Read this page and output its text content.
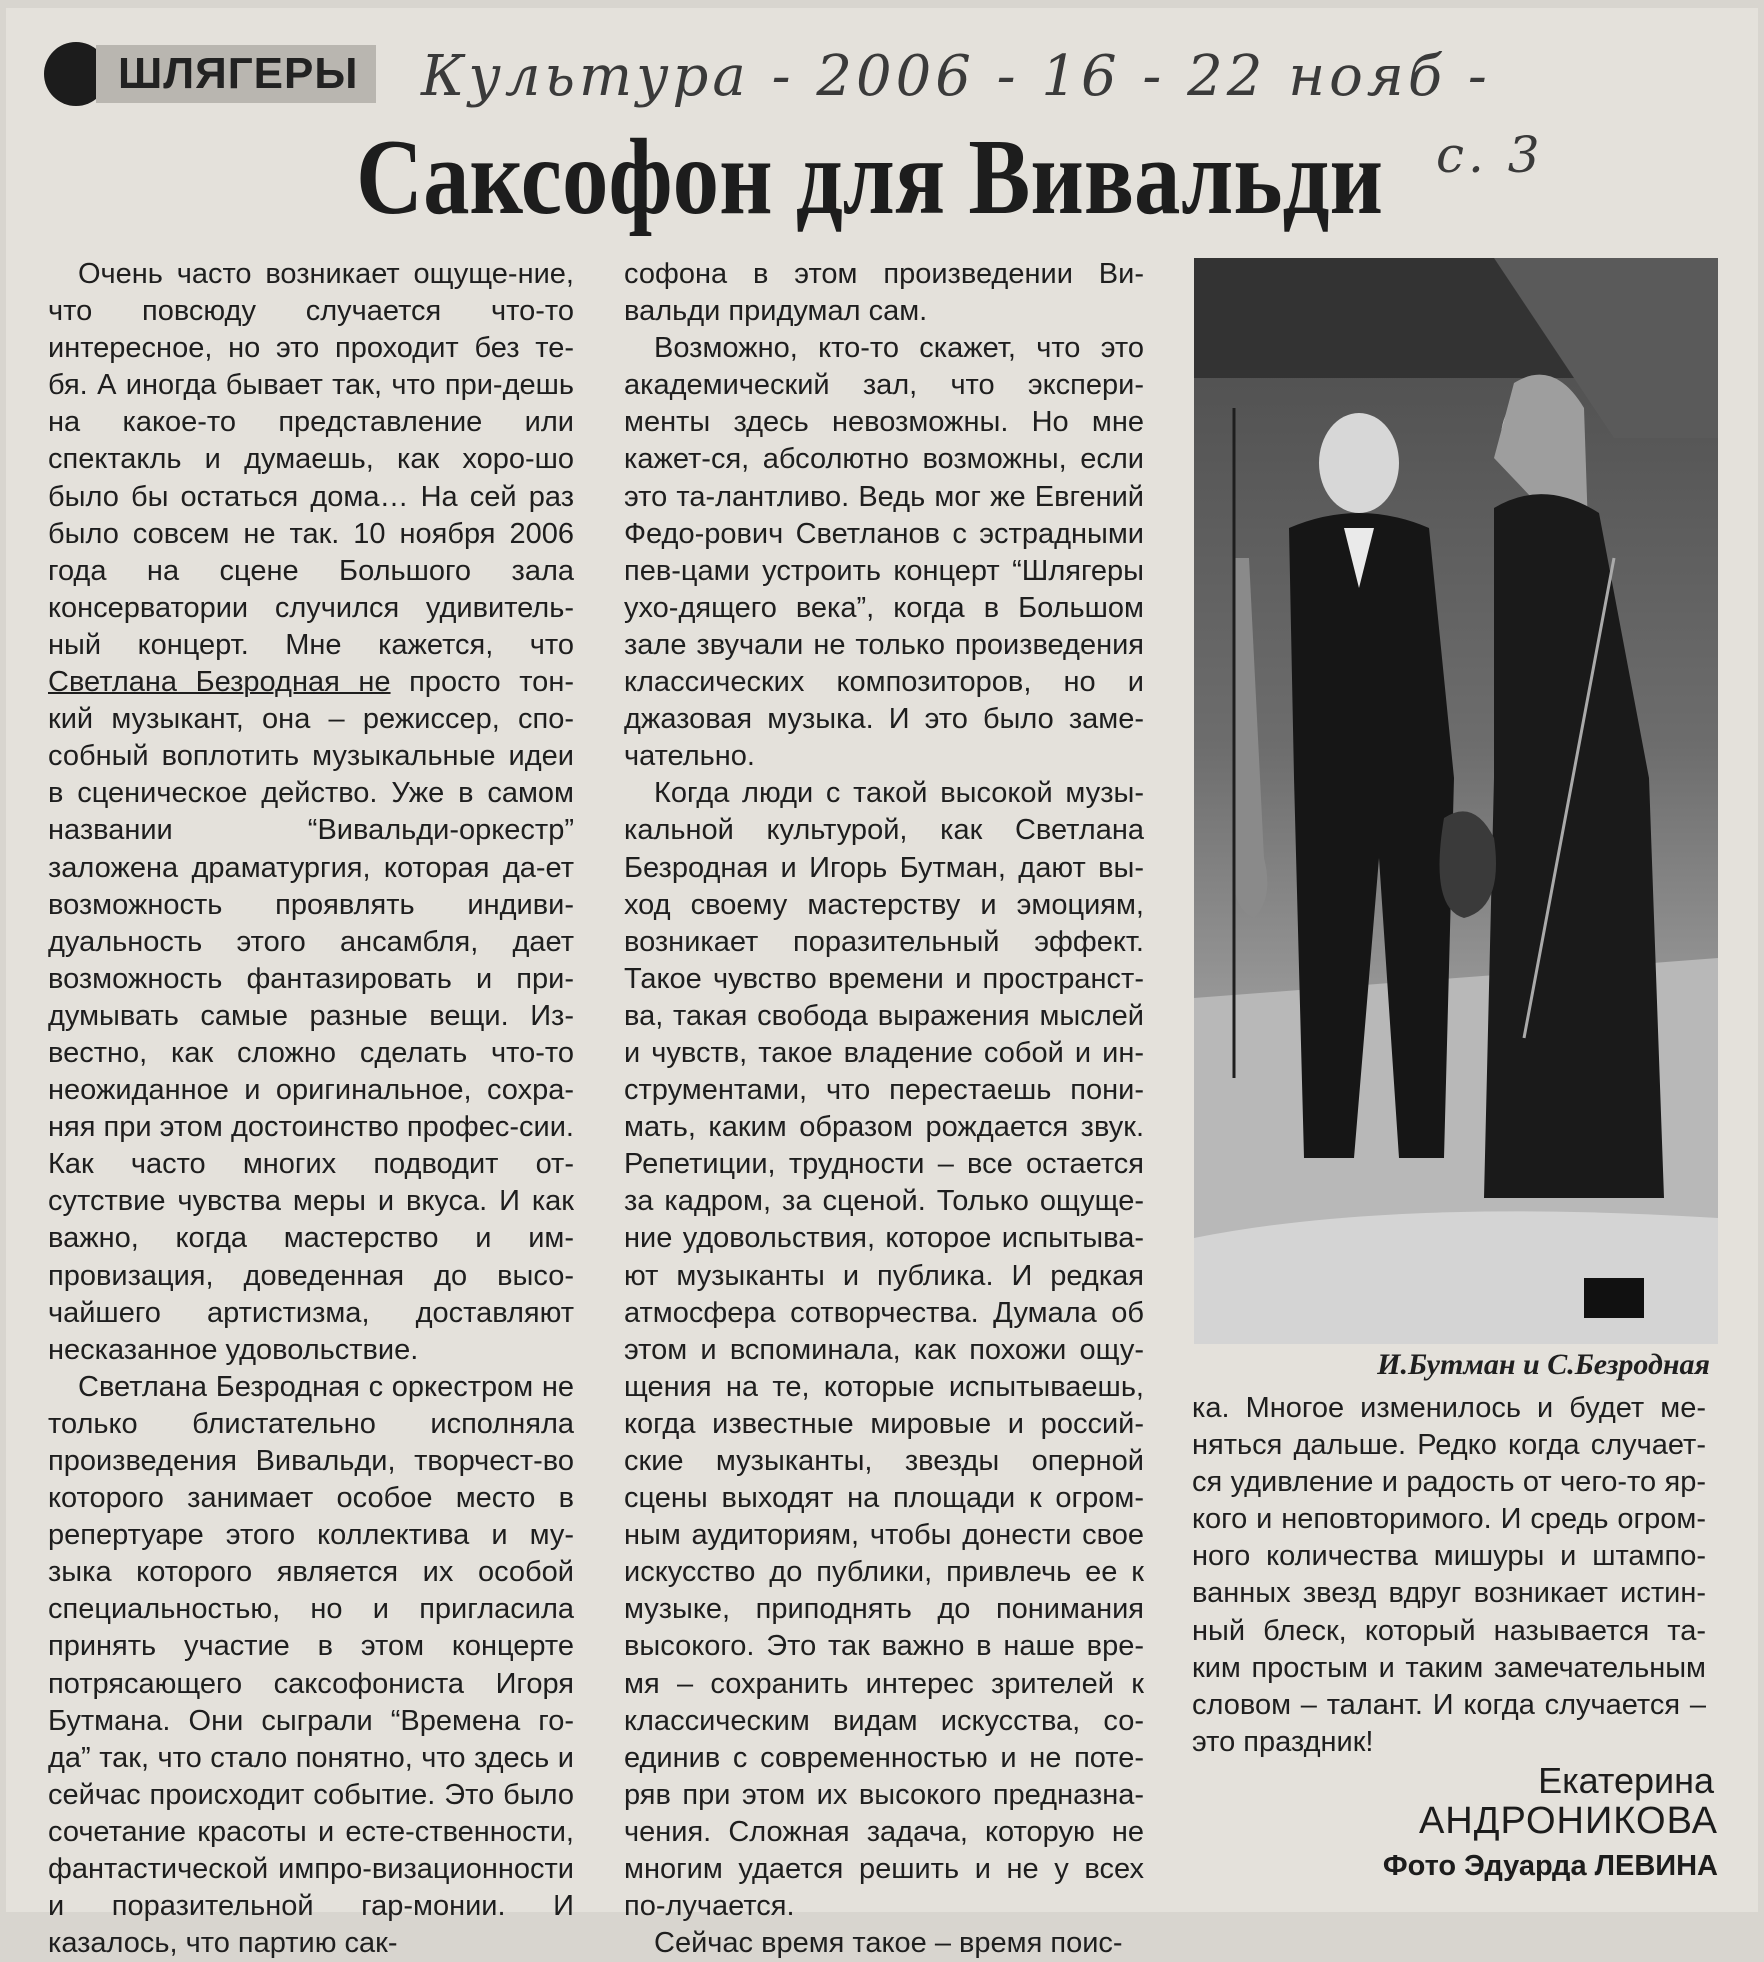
ШЛЯГЕРЫ	Культура - 2006 - 16 - 22 нояб -
с. 3
Саксофон для Вивальди

Очень часто возникает ощуще-ние, что повсюду случается что-то интересное, но это проходит без те-бя. А иногда бывает так, что при-дешь на какое-то представление или спектакль и думаешь, как хоро-шо было бы остаться дома… На сей раз было совсем не так. 10 ноября 2006 года на сцене Большого зала консерватории случился удивитель-ный концерт. Мне кажется, что Светлана Безродная не просто тон-кий музыкант, она – режиссер, спо-собный воплотить музыкальные идеи в сценическое действо. Уже в самом названии “Вивальди-оркестр” заложена драматургия, которая да-ет возможность проявлять индиви-дуальность этого ансамбля, дает возможность фантазировать и при-думывать самые разные вещи. Из-вестно, как сложно сделать что-то неожиданное и оригинальное, сохра-няя при этом достоинство профес-сии. Как часто многих подводит от-сутствие чувства меры и вкуса. И как важно, когда мастерство и им-провизация, доведенная до высо-чайшего артистизма, доставляют несказанное удовольствие.

Светлана Безродная с оркестром не только блистательно исполняла произведения Вивальди, творчест-во которого занимает особое место в репертуаре этого коллектива и му-зыка которого является их особой специальностью, но и пригласила принять участие в этом концерте потрясающего саксофониста Игоря Бутмана. Они сыграли “Времена го-да” так, что стало понятно, что здесь и сейчас происходит событие. Это было сочетание красоты и есте-ственности, фантастической импро-визационности и поразительной гар-монии. И казалось, что партию сак-

софона в этом произведении Ви-вальди придумал сам.

Возможно, кто-то скажет, что это академический зал, что экспери-менты здесь невозможны. Но мне кажет-ся, абсолютно возможны, если это та-лантливо. Ведь мог же Евгений Федо-рович Светланов с эстрадными пев-цами устроить концерт “Шлягеры ухо-дящего века”, когда в Большом зале звучали не только произведения классических композиторов, но и джазовая музыка. И это было заме-чательно.

Когда люди с такой высокой музы-кальной культурой, как Светлана Безродная и Игорь Бутман, дают вы-ход своему мастерству и эмоциям, возникает поразительный эффект. Такое чувство времени и пространст-ва, такая свобода выражения мыслей и чувств, такое владение собой и ин-струментами, что перестаешь пони-мать, каким образом рождается звук. Репетиции, трудности – все остается за кадром, за сценой. Только ощуще-ние удовольствия, которое испытыва-ют музыканты и публика. И редкая атмосфера сотворчества. Думала об этом и вспоминала, как похожи ощу-щения на те, которые испытываешь, когда известные мировые и россий-ские музыканты, звезды оперной сцены выходят на площади к огром-ным аудиториям, чтобы донести свое искусство до публики, привлечь ее к музыке, приподнять до понимания высокого. Это так важно в наше вре-мя – сохранить интерес зрителей к классическим видам искусства, со-единив с современностью и не поте-ряв при этом их высокого предназна-чения. Сложная задача, которую не многим удается решить и не у всех по-лучается.

Сейчас время такое – время поис-

И.Бутман и С.Безродная

ка. Многое изменилось и будет ме-няться дальше. Редко когда случает-ся удивление и радость от чего-то яр-кого и неповторимого. И средь огром-ного количества мишуры и штампо-ванных звезд вдруг возникает истин-ный блеск, который называется та-ким простым и таким замечательным словом – талант. И когда случается – это праздник!

Екатерина
АНДРОНИКОВА
Фото Эдуарда ЛЕВИНА
